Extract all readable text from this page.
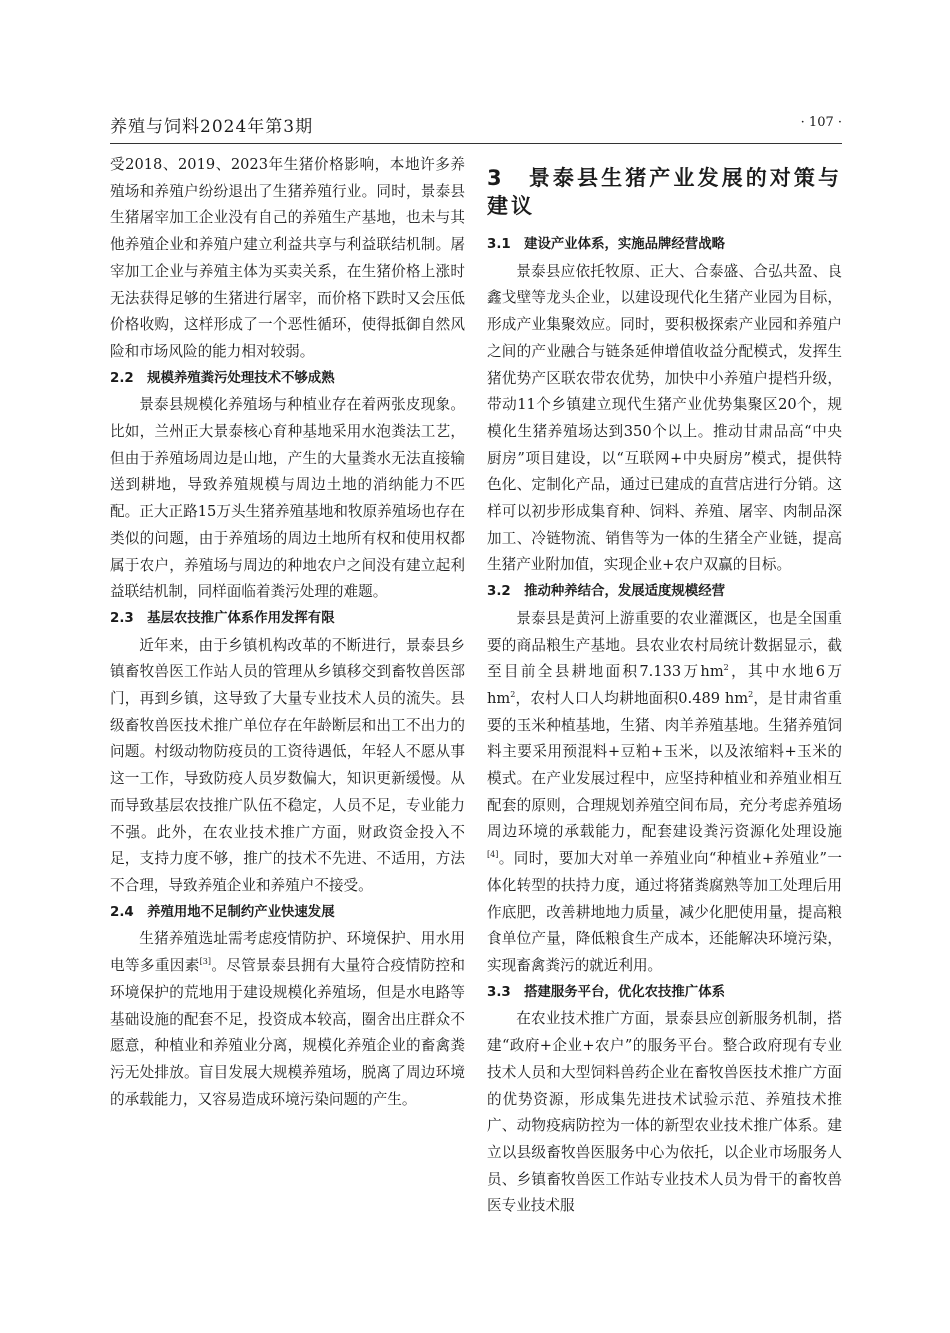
养殖与饲料2024年第3期	· 107 ·

受2018、2019、2023年生猪价格影响，本地许多养殖场和养殖户纷纷退出了生猪养殖行业。同时，景泰县生猪屠宰加工企业没有自己的养殖生产基地，也未与其他养殖企业和养殖户建立利益共享与利益联结机制。屠宰加工企业与养殖主体为买卖关系，在生猪价格上涨时无法获得足够的生猪进行屠宰，而价格下跌时又会压低价格收购，这样形成了一个恶性循环，使得抵御自然风险和市场风险的能力相对较弱。

2.2　规模养殖粪污处理技术不够成熟

景泰县规模化养殖场与种植业存在着两张皮现象。比如，兰州正大景泰核心育种基地采用水泡粪法工艺，但由于养殖场周边是山地，产生的大量粪水无法直接输送到耕地，导致养殖规模与周边土地的消纳能力不匹配。正大正路15万头生猪养殖基地和牧原养殖场也存在类似的问题，由于养殖场的周边土地所有权和使用权都属于农户，养殖场与周边的种地农户之间没有建立起利益联结机制，同样面临着粪污处理的难题。

2.3　基层农技推广体系作用发挥有限

近年来，由于乡镇机构改革的不断进行，景泰县乡镇畜牧兽医工作站人员的管理从乡镇移交到畜牧兽医部门，再到乡镇，这导致了大量专业技术人员的流失。县级畜牧兽医技术推广单位存在年龄断层和出工不出力的问题。村级动物防疫员的工资待遇低，年轻人不愿从事这一工作，导致防疫人员岁数偏大，知识更新缓慢。从而导致基层农技推广队伍不稳定，人员不足，专业能力不强。此外，在农业技术推广方面，财政资金投入不足，支持力度不够，推广的技术不先进、不适用，方法不合理，导致养殖企业和养殖户不接受。

2.4　养殖用地不足制约产业快速发展

生猪养殖选址需考虑疫情防护、环境保护、用水用电等多重因素[3]。尽管景泰县拥有大量符合疫情防控和环境保护的荒地用于建设规模化养殖场，但是水电路等基础设施的配套不足，投资成本较高，圈舍出庄群众不愿意，种植业和养殖业分离，规模化养殖企业的畜禽粪污无处排放。盲目发展大规模养殖场，脱离了周边环境的承载能力，又容易造成环境污染问题的产生。

3　景泰县生猪产业发展的对策与建议
3.1　建设产业体系，实施品牌经营战略

景泰县应依托牧原、正大、合泰盛、合弘共盈、良鑫戈壁等龙头企业，以建设现代化生猪产业园为目标，形成产业集聚效应。同时，要积极探索产业园和养殖户之间的产业融合与链条延伸增值收益分配模式，发挥生猪优势产区联农带农优势，加快中小养殖户提档升级，带动11个乡镇建立现代生猪产业优势集聚区20个，规模化生猪养殖场达到350个以上。推动甘肃品高“中央厨房”项目建设，以“互联网+中央厨房”模式，提供特色化、定制化产品，通过已建成的直营店进行分销。这样可以初步形成集育种、饲料、养殖、屠宰、肉制品深加工、冷链物流、销售等为一体的生猪全产业链，提高生猪产业附加值，实现企业+农户双赢的目标。

3.2　推动种养结合，发展适度规模经营

景泰县是黄河上游重要的农业灌溉区，也是全国重要的商品粮生产基地。县农业农村局统计数据显示，截至目前全县耕地面积7.133万$hm^2$，其中水地6万$hm^2$，农村人口人均耕地面积0.489 $hm^2$，是甘肃省重要的玉米种植基地，生猪、肉羊养殖基地。生猪养殖饲料主要采用预混料+豆粕+玉米，以及浓缩料+玉米的模式。在产业发展过程中，应坚持种植业和养殖业相互配套的原则，合理规划养殖空间布局，充分考虑养殖场周边环境的承载能力，配套建设粪污资源化处理设施[4]。同时，要加大对单一养殖业向“种植业+养殖业”一体化转型的扶持力度，通过将猪粪腐熟等加工处理后用作底肥，改善耕地地力质量，减少化肥使用量，提高粮食单位产量，降低粮食生产成本，还能解决环境污染，实现畜禽粪污的就近利用。

3.3　搭建服务平台，优化农技推广体系

在农业技术推广方面，景泰县应创新服务机制，搭建“政府+企业+农户”的服务平台。整合政府现有专业技术人员和大型饲料兽药企业在畜牧兽医技术推广方面的优势资源，形成集先进技术试验示范、养殖技术推广、动物疫病防控为一体的新型农业技术推广体系。建立以县级畜牧兽医服务中心为依托，以企业市场服务人员、乡镇畜牧兽医工作站专业技术人员为骨干的畜牧兽医专业技术服
